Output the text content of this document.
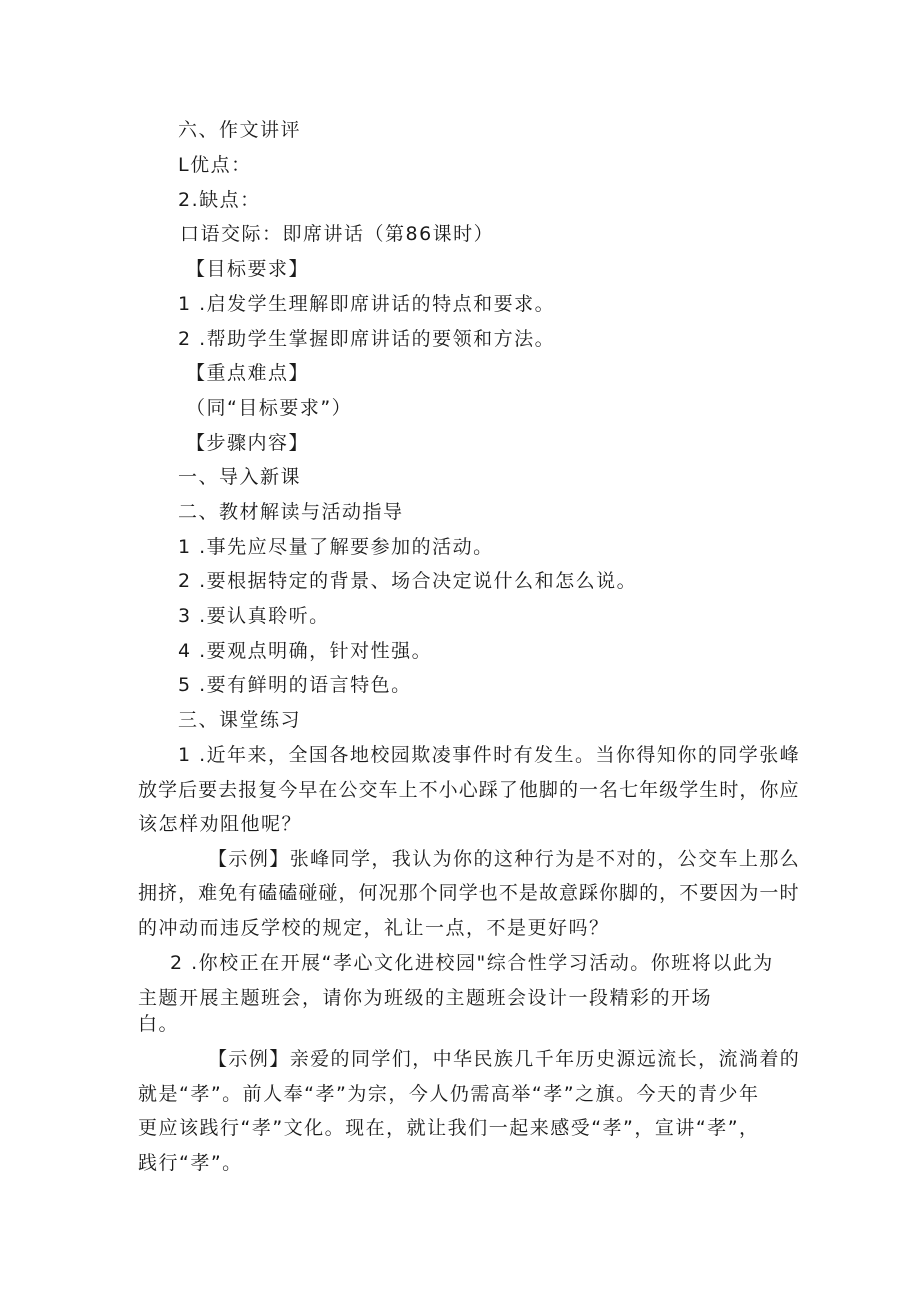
六、作文讲评
L优点：
2.缺点：
口语交际：即席讲话（第86课时）
【目标要求】
1 .启发学生理解即席讲话的特点和要求。
2 .帮助学生掌握即席讲话的要领和方法。
【重点难点】
（同“目标要求”）
【步骤内容】
一、导入新课
二、教材解读与活动指导
1 .事先应尽量了解要参加的活动。
2 .要根据特定的背景、场合决定说什么和怎么说。
3 .要认真聆听。
4 .要观点明确，针对性强。
5 .要有鲜明的语言特色。
三、课堂练习
1 .近年来，全国各地校园欺凌事件时有发生。当你得知你的同学张峰
放学后要去报复今早在公交车上不小心踩了他脚的一名七年级学生时，你应
该怎样劝阻他呢？
【示例】张峰同学，我认为你的这种行为是不对的，公交车上那么
拥挤，难免有磕磕碰碰，何况那个同学也不是故意踩你脚的，不要因为一时
的冲动而违反学校的规定，礼让一点，不是更好吗？
2 .你校正在开展“孝心文化进校园"综合性学习活动。你班将以此为
主题开展主题班会，请你为班级的主题班会设计一段精彩的开场
白。
【示例】亲爱的同学们，中华民族几千年历史源远流长，流淌着的
就是“孝”。前人奉“孝”为宗，今人仍需高举“孝”之旗。今天的青少年
更应该践行“孝”文化。现在，就让我们一起来感受“孝”，宣讲“孝”，
践行“孝”。
